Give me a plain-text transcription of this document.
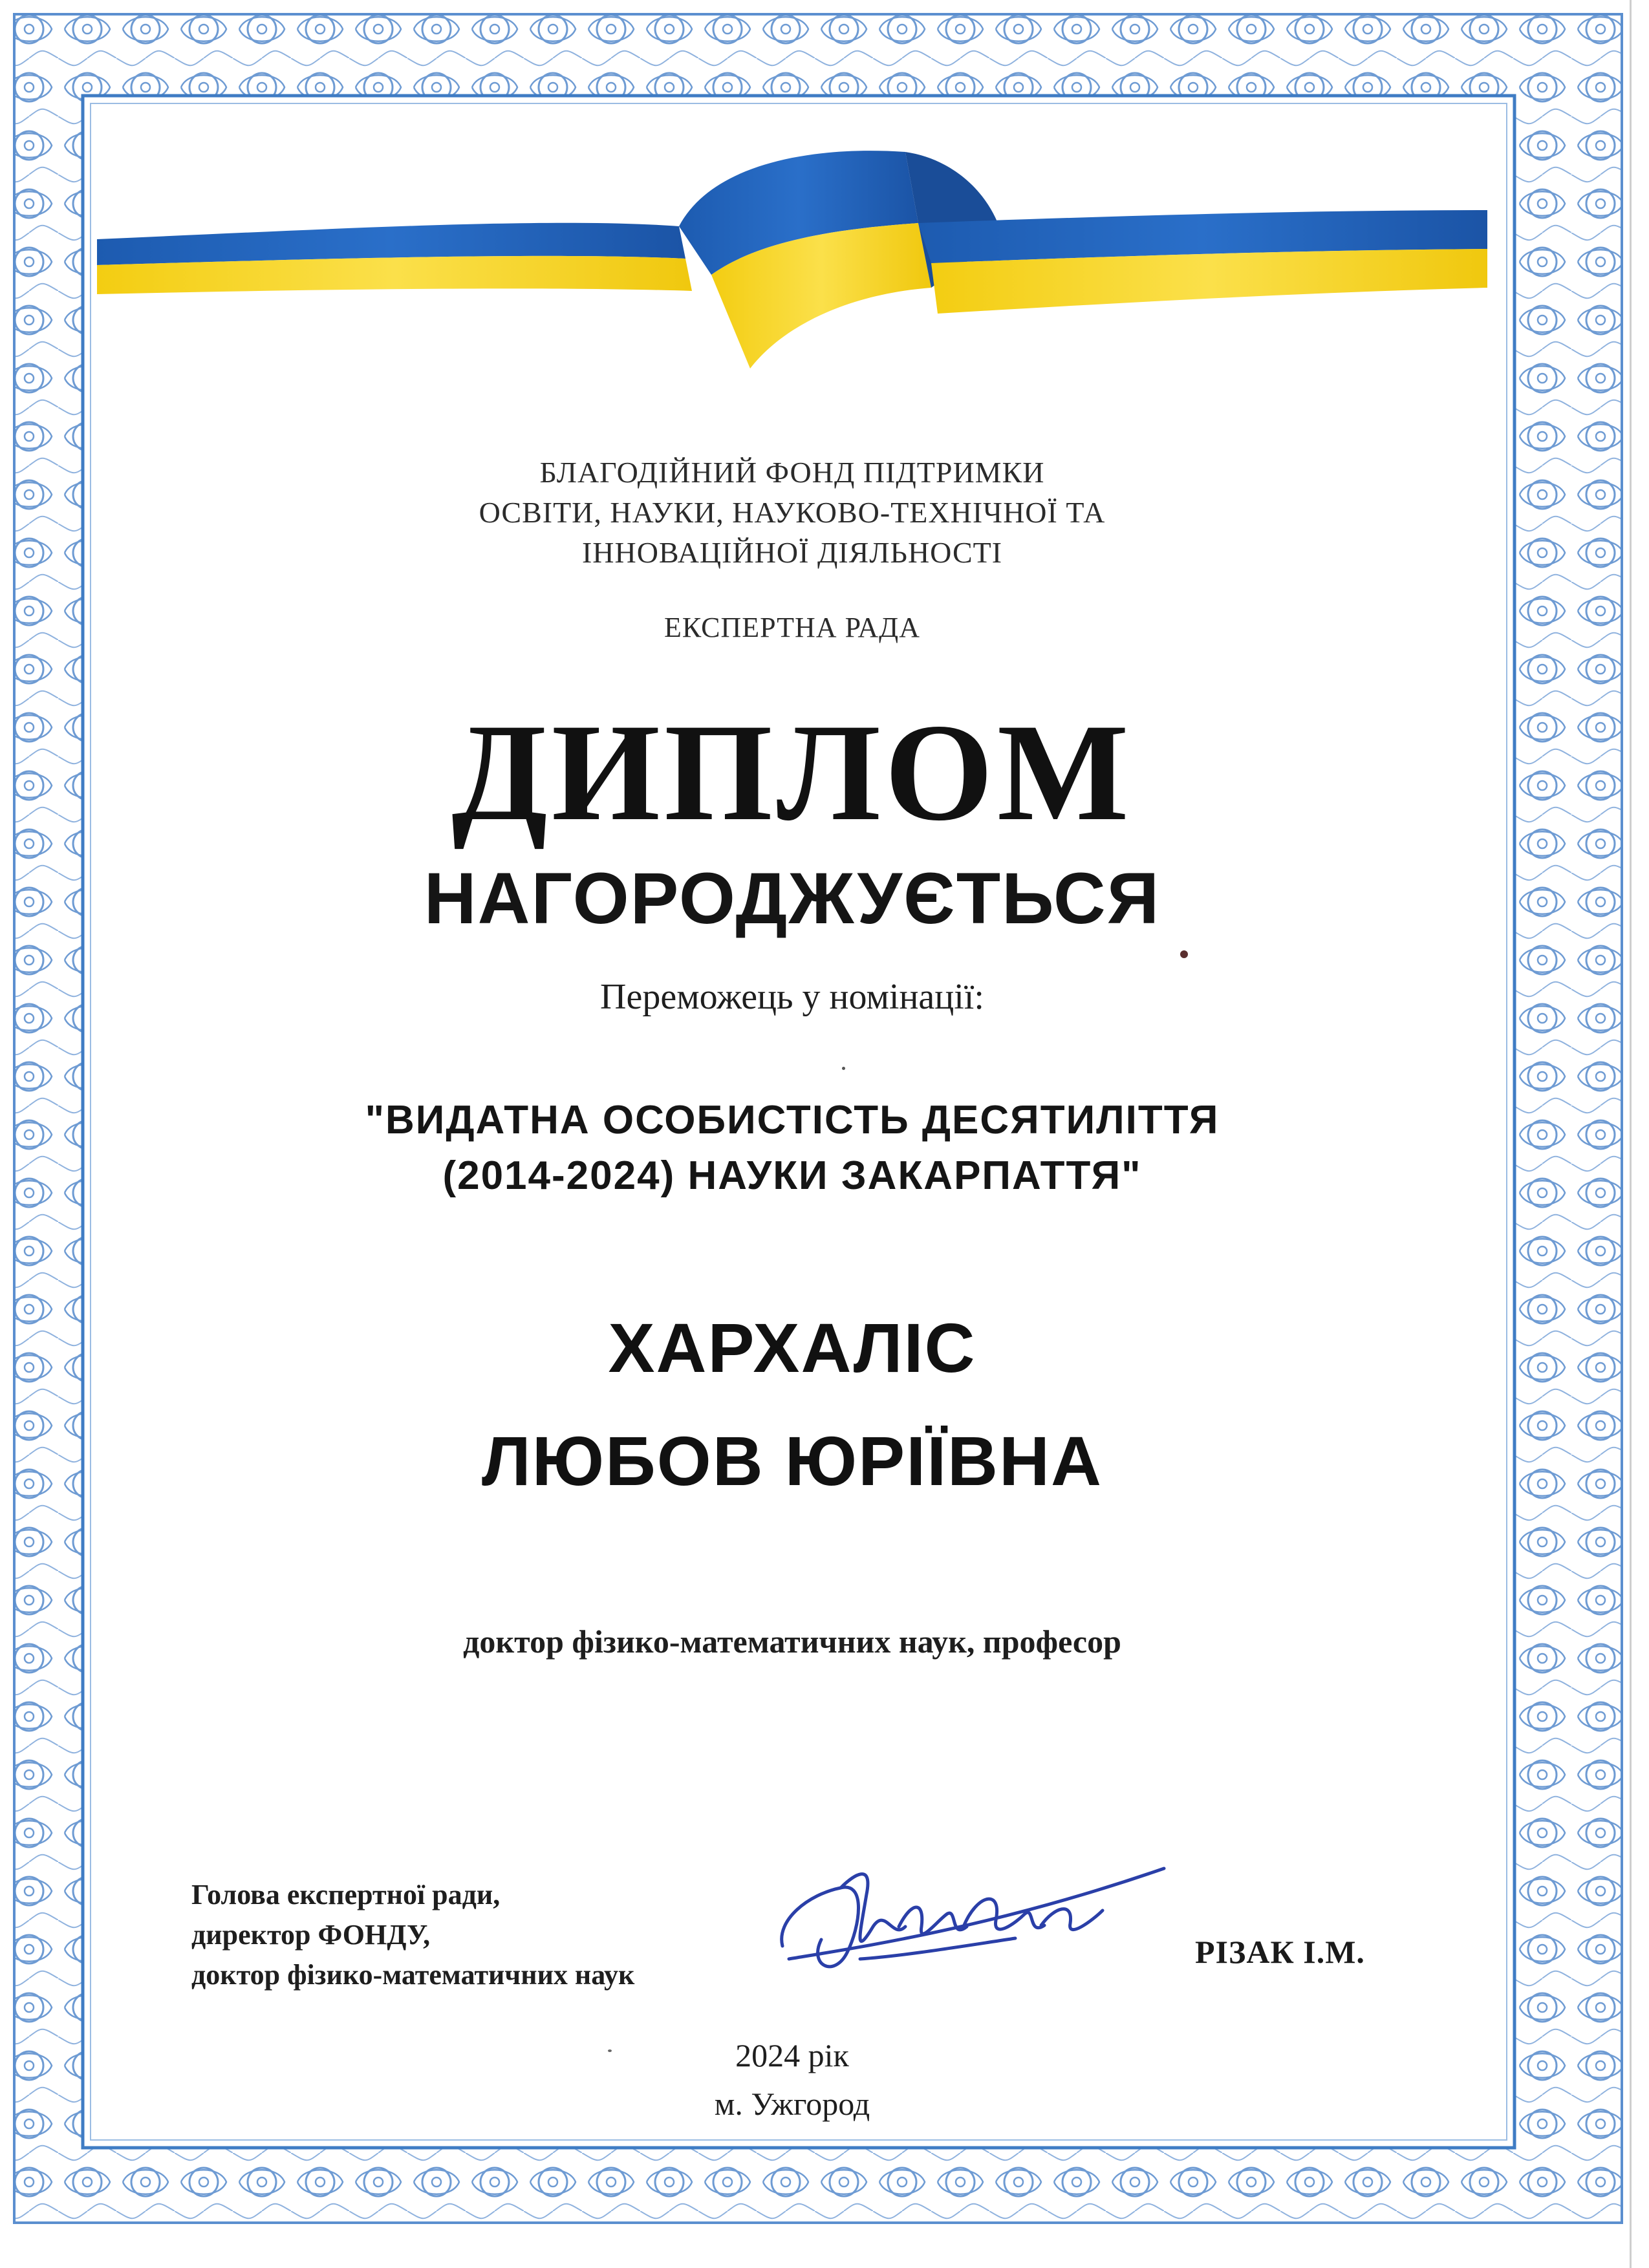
БЛАГОДІЙНИЙ ФОНД ПІДТРИМКИ
ОСВІТИ, НАУКИ, НАУКОВО-ТЕХНІЧНОЇ ТА
ІННОВАЦІЙНОЇ ДІЯЛЬНОСТІ
ЕКСПЕРТНА РАДА
ДИПЛОМ
НАГОРОДЖУЄТЬСЯ
Переможець у номінації:
"ВИДАТНА ОСОБИСТІСТЬ ДЕСЯТИЛІТТЯ
(2014-2024) НАУКИ ЗАКАРПАТТЯ"
ХАРХАЛІС
ЛЮБОВ ЮРІЇВНА
доктор фізико-математичних наук, професор
Голова експертної ради,
директор ФОНДУ,
доктор фізико-математичних наук
РІЗАК І.М.
2024 рік
м. Ужгород
